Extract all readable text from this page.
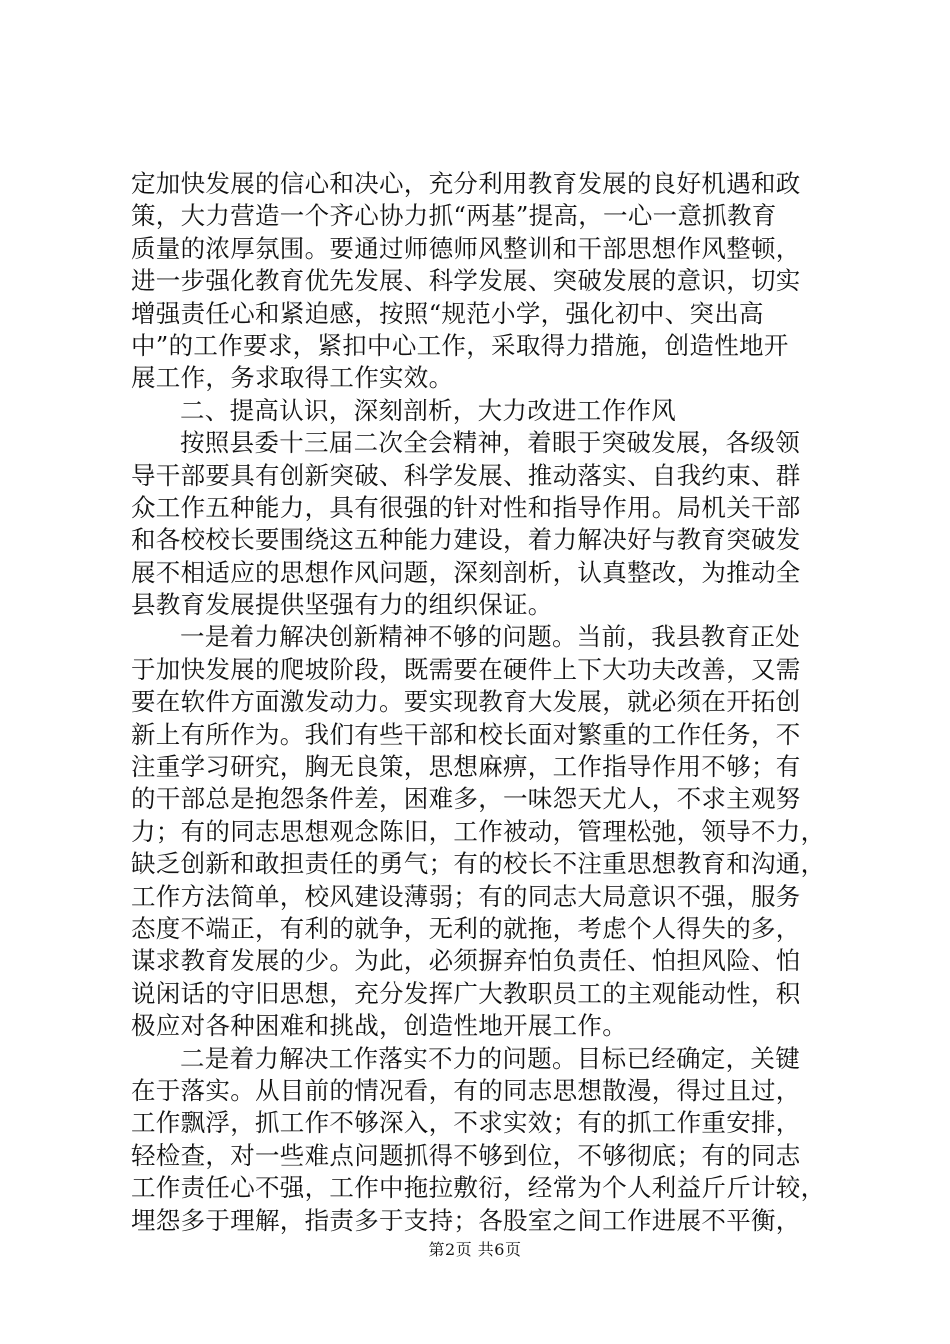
定加快发展的信心和决心，充分利用教育发展的良好机遇和政
策，大力营造一个齐心协力抓“两基”提高，一心一意抓教育
质量的浓厚氛围。要通过师德师风整训和干部思想作风整顿，
进一步强化教育优先发展、科学发展、突破发展的意识，切实
增强责任心和紧迫感，按照“规范小学，强化初中、突出高
中”的工作要求，紧扣中心工作，采取得力措施，创造性地开
展工作，务求取得工作实效。
二、提高认识，深刻剖析，大力改进工作作风
按照县委十三届二次全会精神，着眼于突破发展，各级领
导干部要具有创新突破、科学发展、推动落实、自我约束、群
众工作五种能力，具有很强的针对性和指导作用。局机关干部
和各校校长要围绕这五种能力建设，着力解决好与教育突破发
展不相适应的思想作风问题，深刻剖析，认真整改，为推动全
县教育发展提供坚强有力的组织保证。
一是着力解决创新精神不够的问题。当前，我县教育正处
于加快发展的爬坡阶段，既需要在硬件上下大功夫改善，又需
要在软件方面激发动力。要实现教育大发展，就必须在开拓创
新上有所作为。我们有些干部和校长面对繁重的工作任务，不
注重学习研究，胸无良策，思想麻痹，工作指导作用不够；有
的干部总是抱怨条件差，困难多，一味怨天尤人，不求主观努
力；有的同志思想观念陈旧，工作被动，管理松弛，领导不力，
缺乏创新和敢担责任的勇气；有的校长不注重思想教育和沟通，
工作方法简单，校风建设薄弱；有的同志大局意识不强，服务
态度不端正，有利的就争，无利的就拖，考虑个人得失的多，
谋求教育发展的少。为此，必须摒弃怕负责任、怕担风险、怕
说闲话的守旧思想，充分发挥广大教职员工的主观能动性，积
极应对各种困难和挑战，创造性地开展工作。
二是着力解决工作落实不力的问题。目标已经确定，关键
在于落实。从目前的情况看，有的同志思想散漫，得过且过，
工作飘浮，抓工作不够深入，不求实效；有的抓工作重安排，
轻检查，对一些难点问题抓得不够到位，不够彻底；有的同志
工作责任心不强，工作中拖拉敷衍，经常为个人利益斤斤计较，
埋怨多于理解，指责多于支持；各股室之间工作进展不平衡，
第2页 共6页
